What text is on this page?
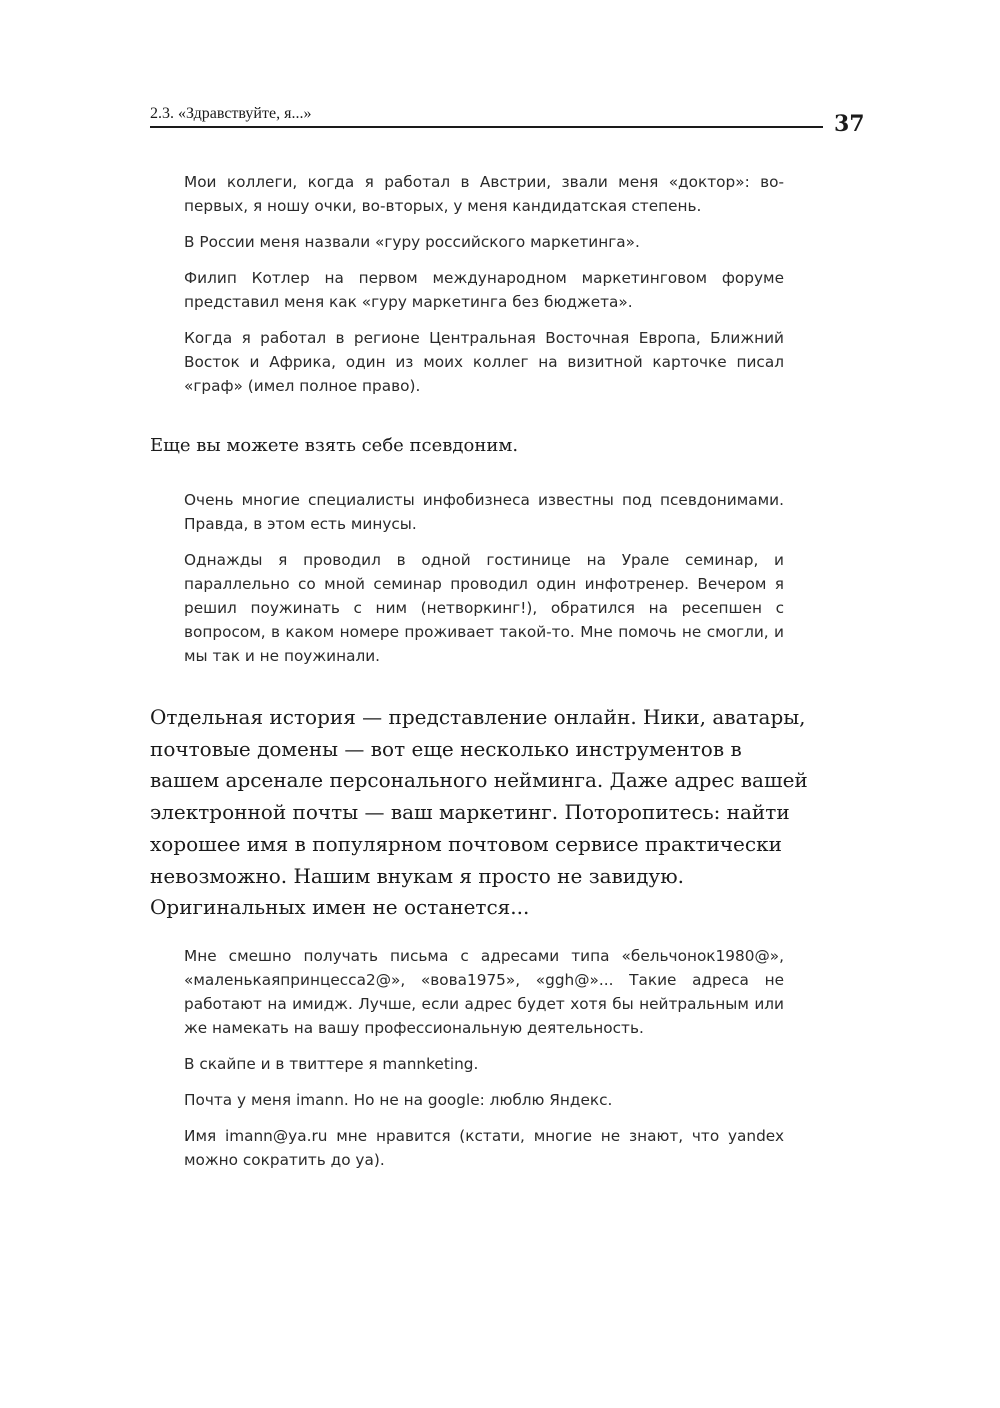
2.3. «Здравствуйте, я...»	37

Мои коллеги, когда я работал в Австрии, звали меня «доктор»: во-первых, я ношу очки, во-вторых, у меня кандидатская степень.

В России меня назвали «гуру российского маркетинга».

Филип Котлер на первом международном маркетинговом форуме представил меня как «гуру маркетинга без бюджета».

Когда я работал в регионе Центральная Восточная Европа, Ближний Восток и Африка, один из моих коллег на визитной карточке писал «граф» (имел полное право).

Еще вы можете взять себе псевдоним.

Очень многие специалисты инфобизнеса известны под псевдонимами. Правда, в этом есть минусы.

Однажды я проводил в одной гостинице на Урале семинар, и параллельно со мной семинар проводил один инфотренер. Вечером я решил поужинать с ним (нетворкинг!), обратился на ресепшен с вопросом, в каком номере проживает такой-то. Мне помочь не смогли, и мы так и не поужинали.

Отдельная история — представление онлайн. Ники, аватары, почтовые домены — вот еще несколько инструментов в вашем арсенале персонального нейминга. Даже адрес вашей электронной почты — ваш маркетинг. Поторопитесь: найти хорошее имя в популярном почтовом сервисе практически невозможно. Нашим внукам я просто не завидую. Оригинальных имен не останется...

Мне смешно получать письма с адресами типа «бельчонок1980@», «маленькаяпринцесса2@», «вова1975», «ggh@»... Такие адреса не работают на имидж. Лучше, если адрес будет хотя бы нейтральным или же намекать на вашу профессиональную деятельность.

В скайпе и в твиттере я mannketing.

Почта у меня imann. Но не на google: люблю Яндекс.

Имя imann@ya.ru мне нравится (кстати, многие не знают, что yandex можно сократить до ya).
